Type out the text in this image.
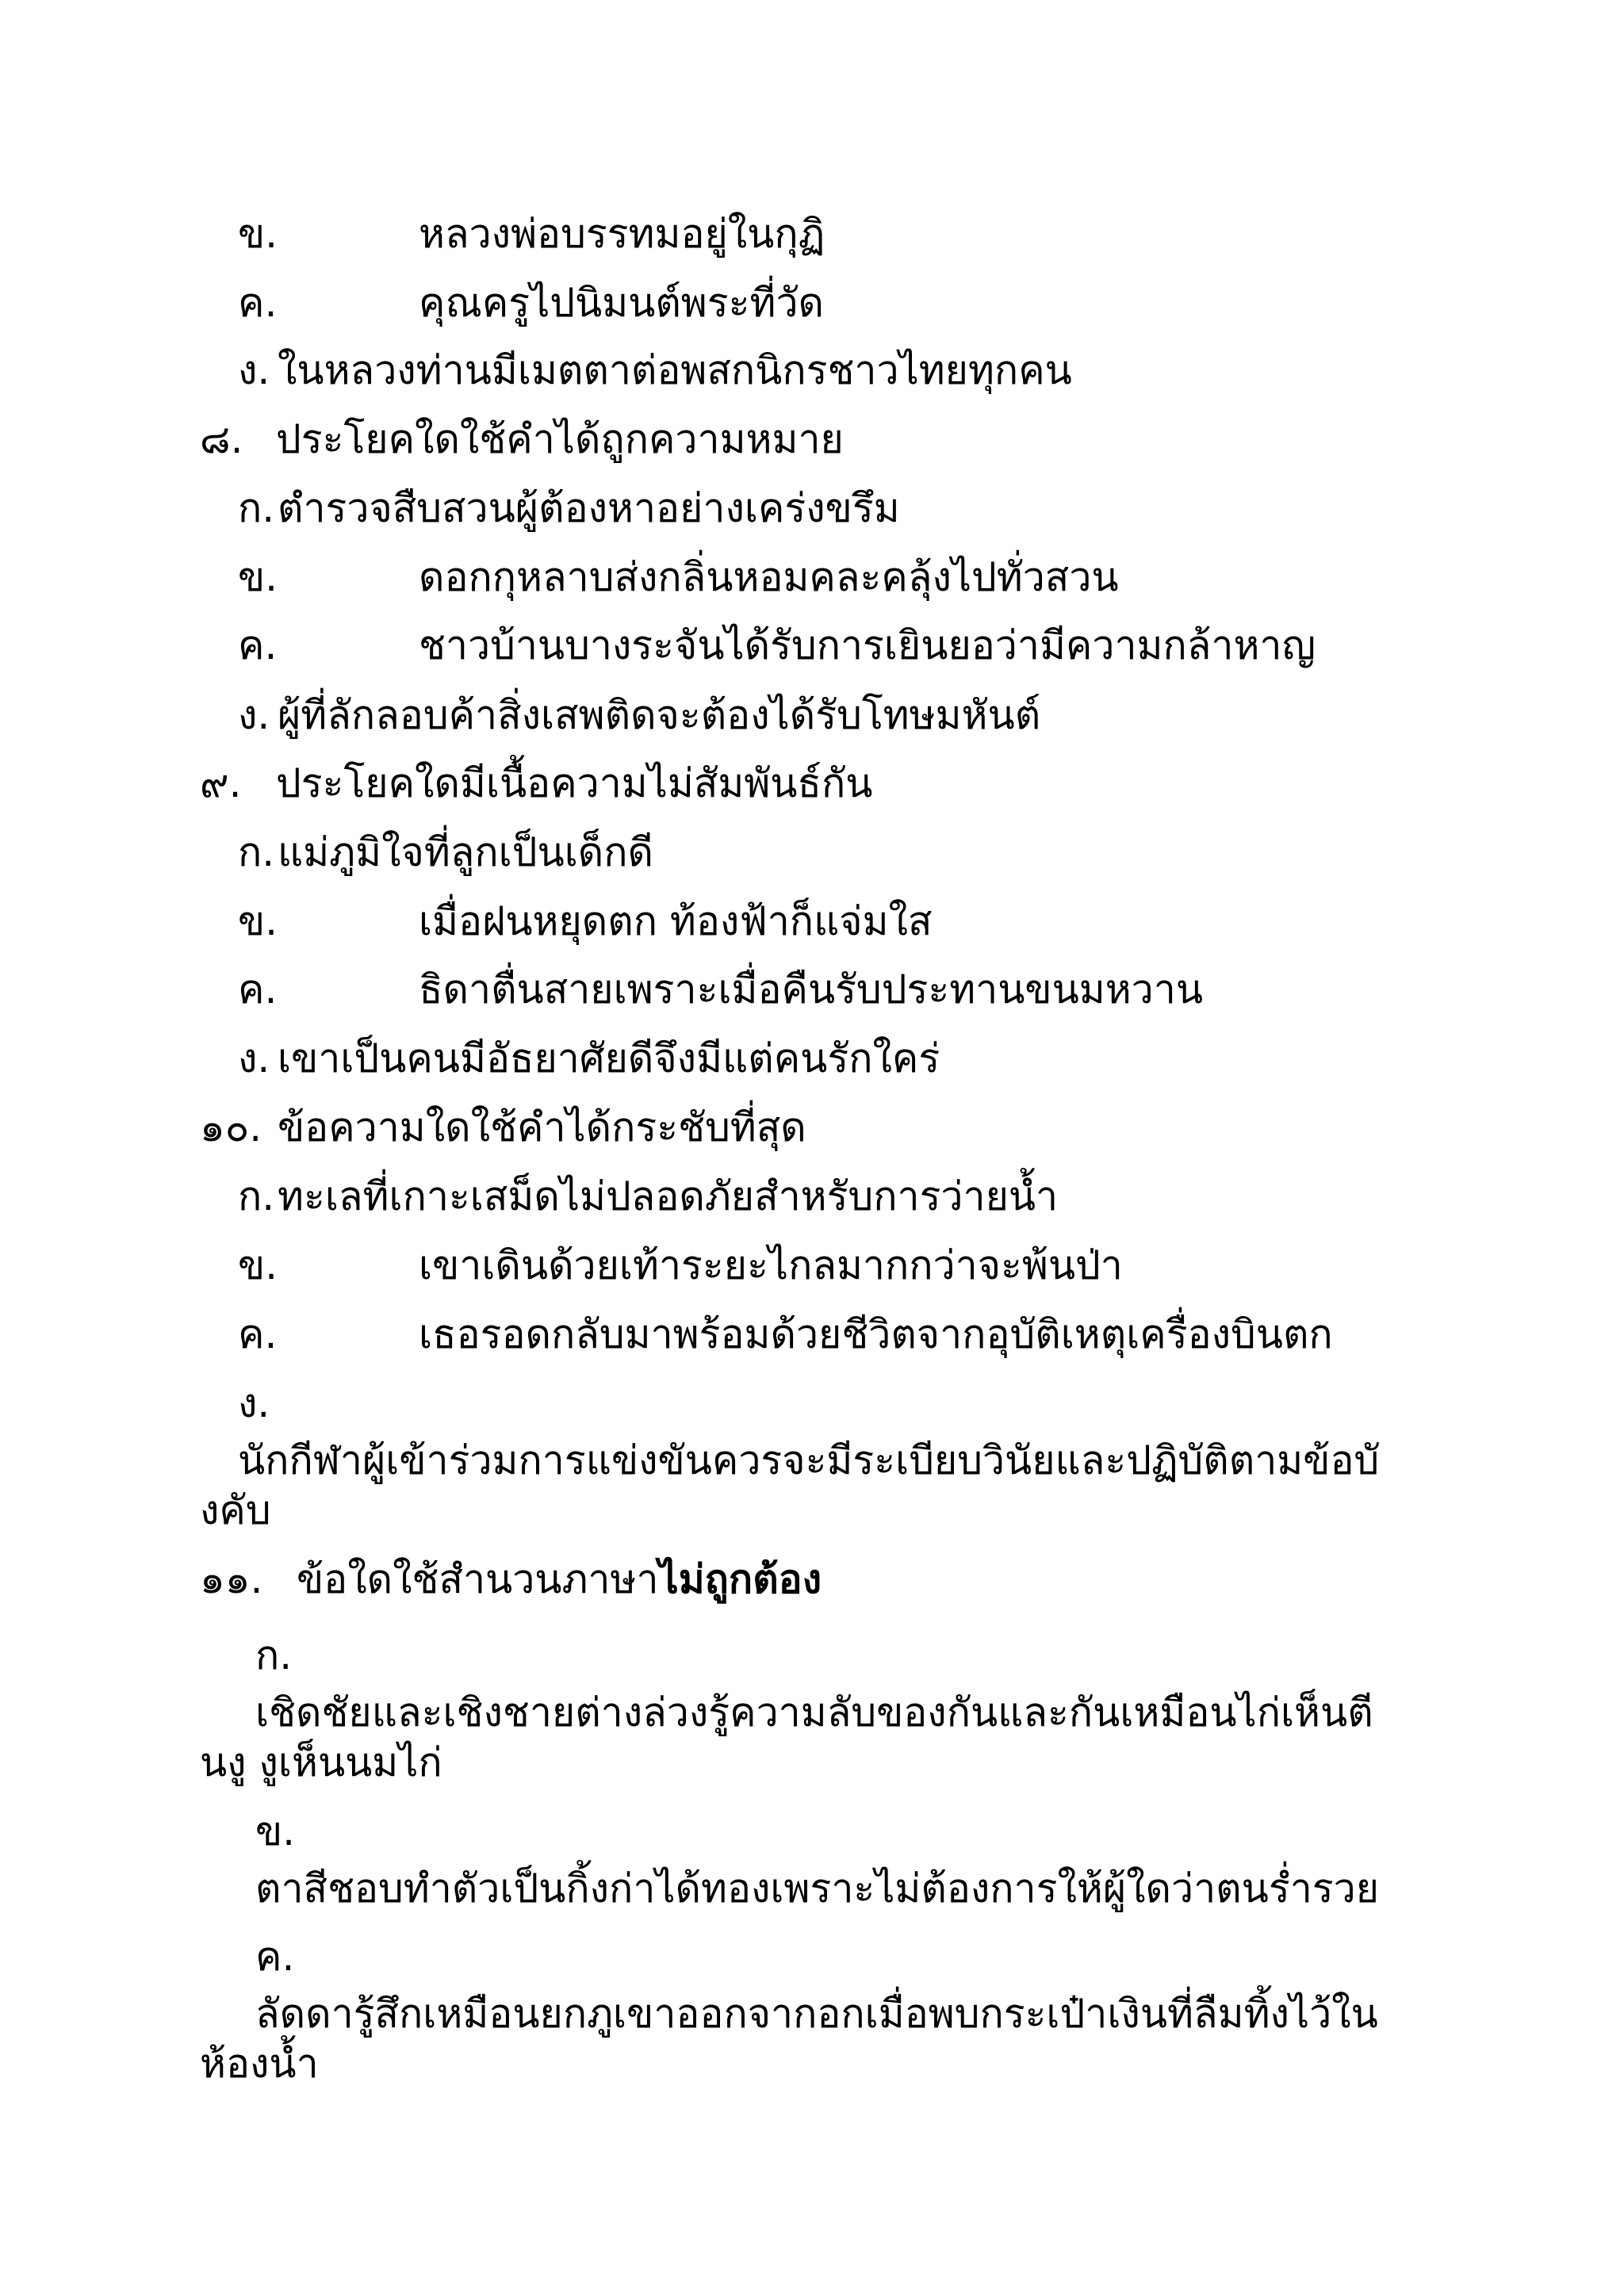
ข.	หลวงพ่อบรรทมอยู่ในกุฏิ
ค.	คุณครูไปนิมนต์พระที่วัด
ง. ในหลวงท่านมีเมตตาต่อพสกนิกรชาวไทยทุกคน
๘. ประโยคใดใช้คำได้ถูกความหมาย
ก. ตำรวจสืบสวนผู้ต้องหาอย่างเคร่งขรึม
ข.	ดอกกุหลาบส่งกลิ่นหอมคละคลุ้งไปทั่วสวน
ค.	ชาวบ้านบางระจันได้รับการเยินยอว่ามีความกล้าหาญ
ง. ผู้ที่ลักลอบค้าสิ่งเสพติดจะต้องได้รับโทษมหันต์
๙. ประโยคใดมีเนื้อความไม่สัมพันธ์กัน
ก. แม่ภูมิใจที่ลูกเป็นเด็กดี
ข.	เมื่อฝนหยุดตก ท้องฟ้าก็แจ่มใส
ค.	ธิดาตื่นสายเพราะเมื่อคืนรับประทานขนมหวาน
ง. เขาเป็นคนมีอัธยาศัยดีจึงมีแต่คนรักใคร่
๑๐. ข้อความใดใช้คำได้กระชับที่สุด
ก. ทะเลที่เกาะเสม็ดไม่ปลอดภัยสำหรับการว่ายน้ำ
ข.	เขาเดินด้วยเท้าระยะไกลมากกว่าจะพ้นป่า
ค.	เธอรอดกลับมาพร้อมด้วยชีวิตจากอุบัติเหตุเครื่องบินตก
ง.
นักกีฬาผู้เข้าร่วมการแข่งขันควรจะมีระเบียบวินัยและปฏิบัติตามข้อบั
งคับ
๑๑. ข้อใดใช้สำนวนภาษาไม่ถูกต้อง
ก.
เชิดชัยและเชิงชายต่างล่วงรู้ความลับของกันและกันเหมือนไก่เห็นตี
นงู งูเห็นนมไก่
ข.
ตาสีชอบทำตัวเป็นกิ้งก่าได้ทองเพราะไม่ต้องการให้ผู้ใดว่าตนร่ำรวย
ค.
ลัดดารู้สึกเหมือนยกภูเขาออกจากอกเมื่อพบกระเป๋าเงินที่ลืมทิ้งไว้ใน
ห้องน้ำ
